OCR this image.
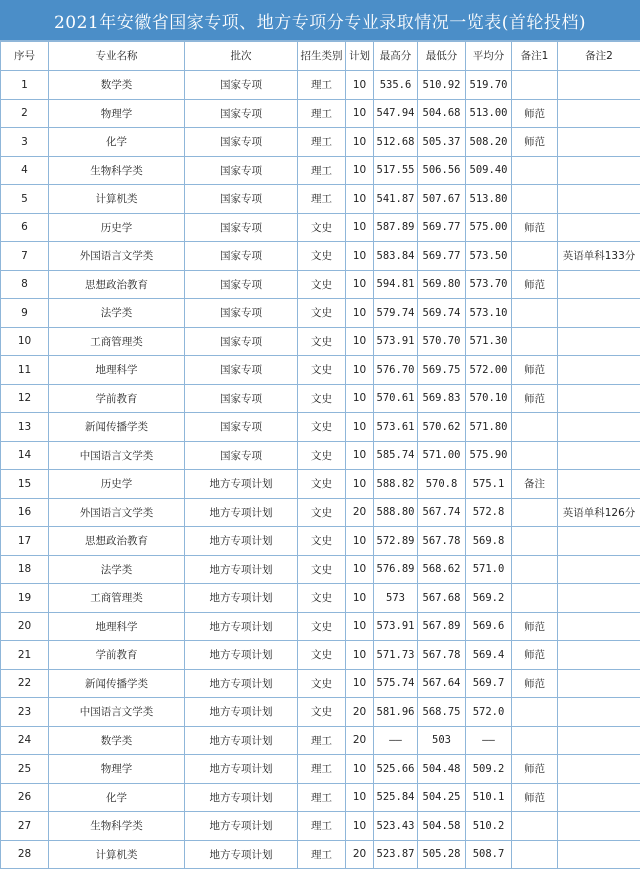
2021年安徽省国家专项、地方专项分专业录取情况一览表(首轮投档)
序号	专业名称	批次	招生类别	计划	最高分	最低分	平均分	备注1	备注2
1	数学类	国家专项	理工	10	535.6	510.92	519.70		
2	物理学	国家专项	理工	10	547.94	504.68	513.00	师范	
3	化学	国家专项	理工	10	512.68	505.37	508.20	师范	
4	生物科学类	国家专项	理工	10	517.55	506.56	509.40		
5	计算机类	国家专项	理工	10	541.87	507.67	513.80		
6	历史学	国家专项	文史	10	587.89	569.77	575.00	师范	
7	外国语言文学类	国家专项	文史	10	583.84	569.77	573.50		英语单科133分
8	思想政治教育	国家专项	文史	10	594.81	569.80	573.70	师范	
9	法学类	国家专项	文史	10	579.74	569.74	573.10		
10	工商管理类	国家专项	文史	10	573.91	570.70	571.30		
11	地理科学	国家专项	文史	10	576.70	569.75	572.00	师范	
12	学前教育	国家专项	文史	10	570.61	569.83	570.10	师范	
13	新闻传播学类	国家专项	文史	10	573.61	570.62	571.80		
14	中国语言文学类	国家专项	文史	10	585.74	571.00	575.90		
15	历史学	地方专项计划	文史	10	588.82	570.8	575.1	备注	
16	外国语言文学类	地方专项计划	文史	20	588.80	567.74	572.8		英语单科126分
17	思想政治教育	地方专项计划	文史	10	572.89	567.78	569.8		
18	法学类	地方专项计划	文史	10	576.89	568.62	571.0		
19	工商管理类	地方专项计划	文史	10	573	567.68	569.2		
20	地理科学	地方专项计划	文史	10	573.91	567.89	569.6	师范	
21	学前教育	地方专项计划	文史	10	571.73	567.78	569.4	师范	
22	新闻传播学类	地方专项计划	文史	10	575.74	567.64	569.7	师范	
23	中国语言文学类	地方专项计划	文史	20	581.96	568.75	572.0		
24	数学类	地方专项计划	理工	20	——	503	——		
25	物理学	地方专项计划	理工	10	525.66	504.48	509.2	师范	
26	化学	地方专项计划	理工	10	525.84	504.25	510.1	师范	
27	生物科学类	地方专项计划	理工	10	523.43	504.58	510.2		
28	计算机类	地方专项计划	理工	20	523.87	505.28	508.7		
